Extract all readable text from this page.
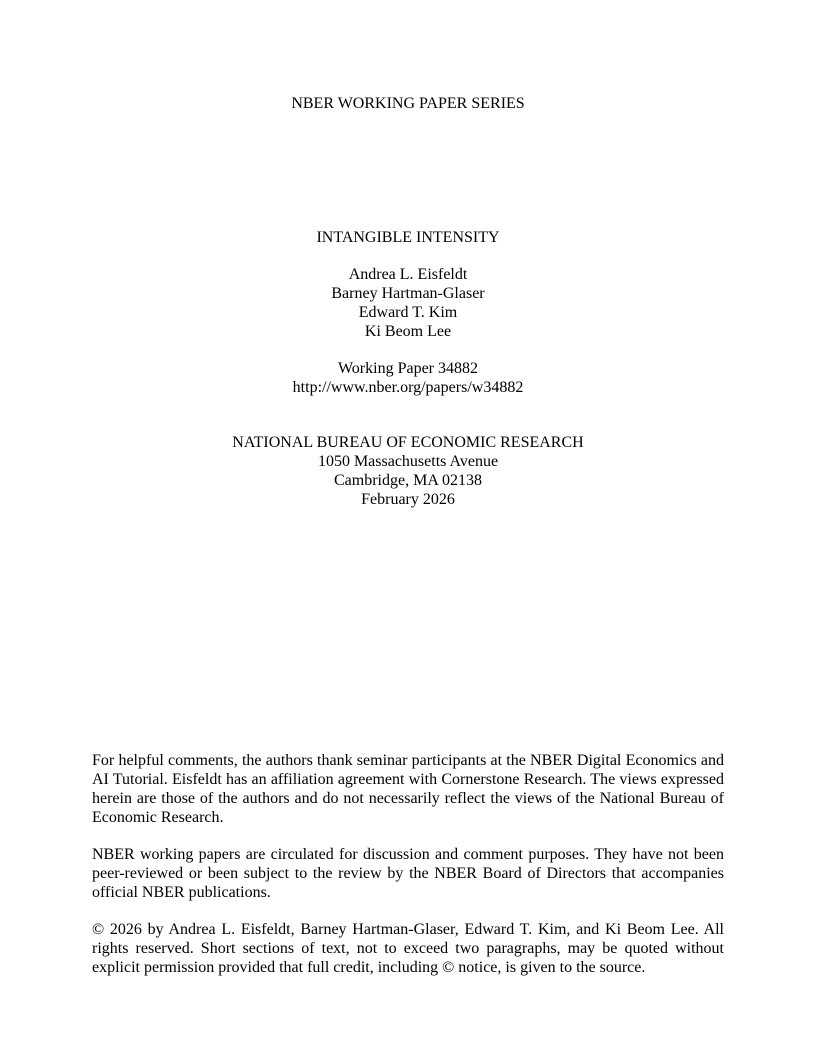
NBER WORKING PAPER SERIES
INTANGIBLE INTENSITY
Andrea L. Eisfeldt
Barney Hartman-Glaser
Edward T. Kim
Ki Beom Lee
Working Paper 34882
http://www.nber.org/papers/w34882
NATIONAL BUREAU OF ECONOMIC RESEARCH
1050 Massachusetts Avenue
Cambridge, MA 02138
February 2026

For helpful comments, the authors thank seminar participants at the NBER Digital Economics and AI Tutorial. Eisfeldt has an affiliation agreement with Cornerstone Research. The views expressed herein are those of the authors and do not necessarily reflect the views of the National Bureau of Economic Research.

NBER working papers are circulated for discussion and comment purposes. They have not been peer-reviewed or been subject to the review by the NBER Board of Directors that accompanies official NBER publications.

© 2026 by Andrea L. Eisfeldt, Barney Hartman-Glaser, Edward T. Kim, and Ki Beom Lee. All rights reserved. Short sections of text, not to exceed two paragraphs, may be quoted without explicit permission provided that full credit, including © notice, is given to the source.
